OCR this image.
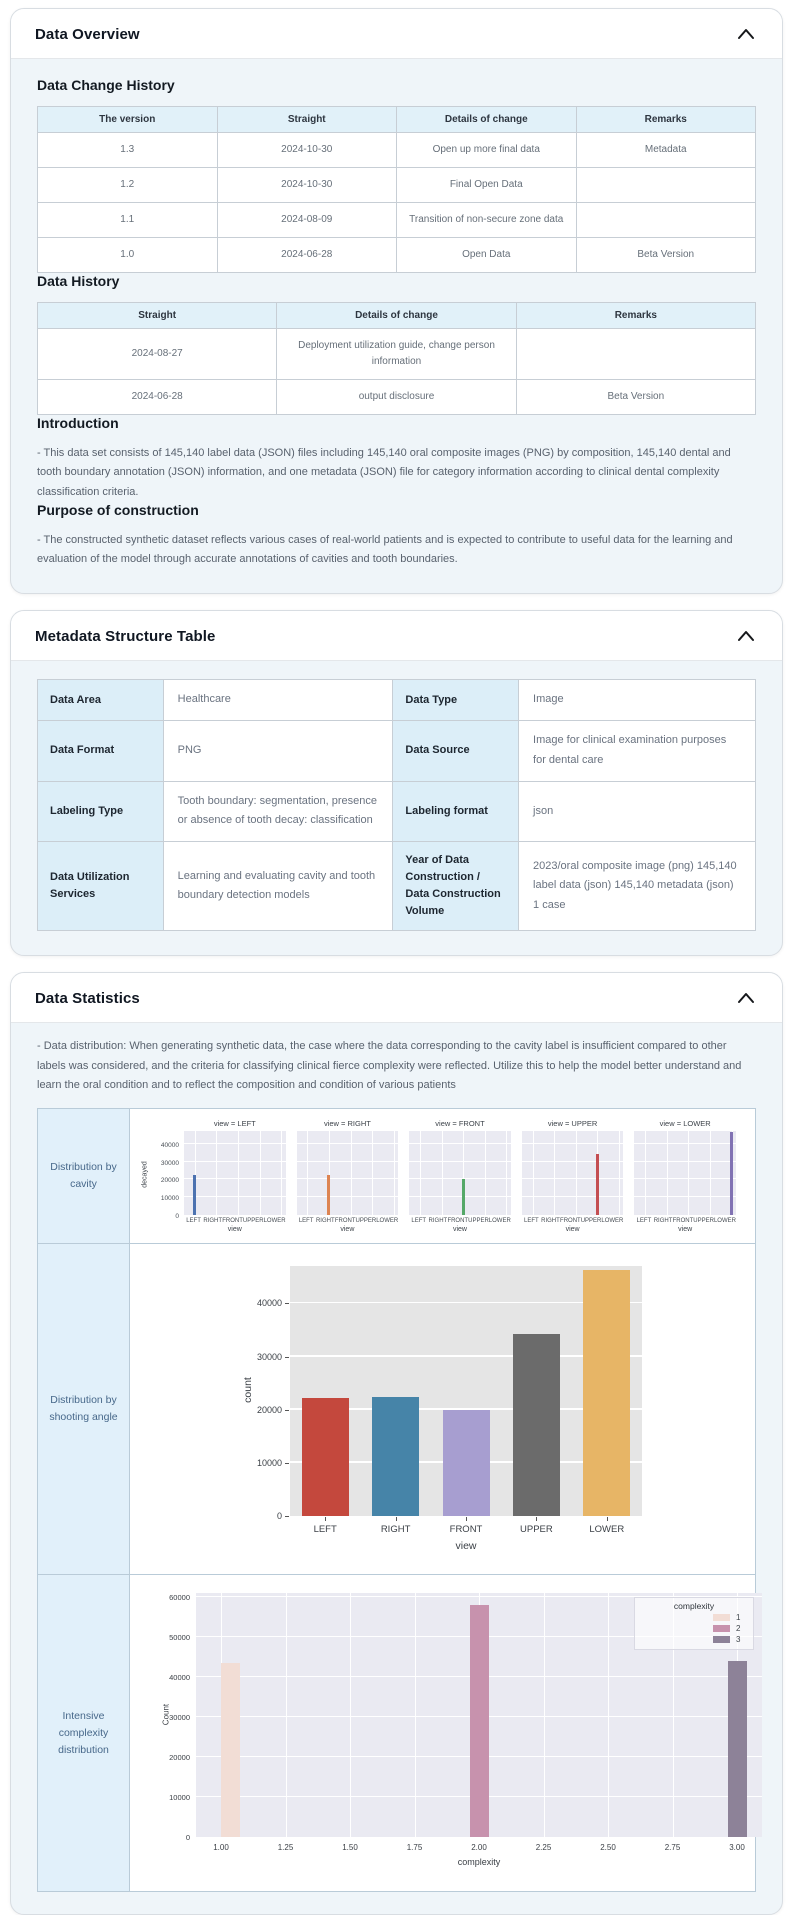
Data Overview
Data Change History
The version	Straight	Details of change	Remarks
1.3	2024-10-30	Open up more final data	Metadata
1.2	2024-10-30	Final Open Data	
1.1	2024-08-09	Transition of non-secure zone data	
1.0	2024-06-28	Open Data	Beta Version
Data History
Straight	Details of change	Remarks
2024-08-27	Deployment utilization guide, change person information	
2024-06-28	output disclosure	Beta Version
Introduction

- This data set consists of 145,140 label data (JSON) files including 145,140 oral composite images (PNG) by composition, 145,140 dental and tooth boundary annotation (JSON) information, and one metadata (JSON) file for category information according to clinical dental complexity classification criteria.

Purpose of construction

- The constructed synthetic dataset reflects various cases of real-world patients and is expected to contribute to useful data for the learning and evaluation of the model through accurate annotations of cavities and tooth boundaries.

Metadata Structure Table
Data Area	Healthcare	Data Type	Image
Data Format	PNG	Data Source	Image for clinical examination purposes for dental care
Labeling Type	Tooth boundary: segmentation, presence or absence of tooth decay: classification	Labeling format	json
Data Utilization Services	Learning and evaluating cavity and tooth boundary detection models	Year of Data Construction / Data Construction Volume	2023/oral composite image (png) 145,140 label data (json) 145,140 metadata (json) 1 case
Data Statistics

- Data distribution: When generating synthetic data, the case where the data corresponding to the cavity label is insufficient compared to other labels was considered, and the criteria for classifying clinical fierce complexity were reflected. Utilize this to help the model better understand and learn the oral condition and to reflect the composition and condition of various patients

Distribution by cavity	decayed
0
10000
20000
30000
40000
view = LEFT
LEFT RIGHT FRONT UPPER LOWER
view
view = RIGHT
LEFT RIGHT FRONT UPPER LOWER
view
view = FRONT
LEFT RIGHT FRONT UPPER LOWER
view
view = UPPER
LEFT RIGHT FRONT UPPER LOWER
view
view = LOWER
LEFT RIGHT FRONT UPPER LOWER
view

Distribution by shooting angle	
count
0
10000
20000
30000
40000
LEFT	RIGHT	FRONT	UPPER	LOWER
view

Intensive complexity distribution	
Count
0
10000
20000
30000
40000
50000
60000
1.00	1.25	1.50	1.75	2.00	2.25	2.50	2.75	3.00
complexity
complexity
1
2
3
